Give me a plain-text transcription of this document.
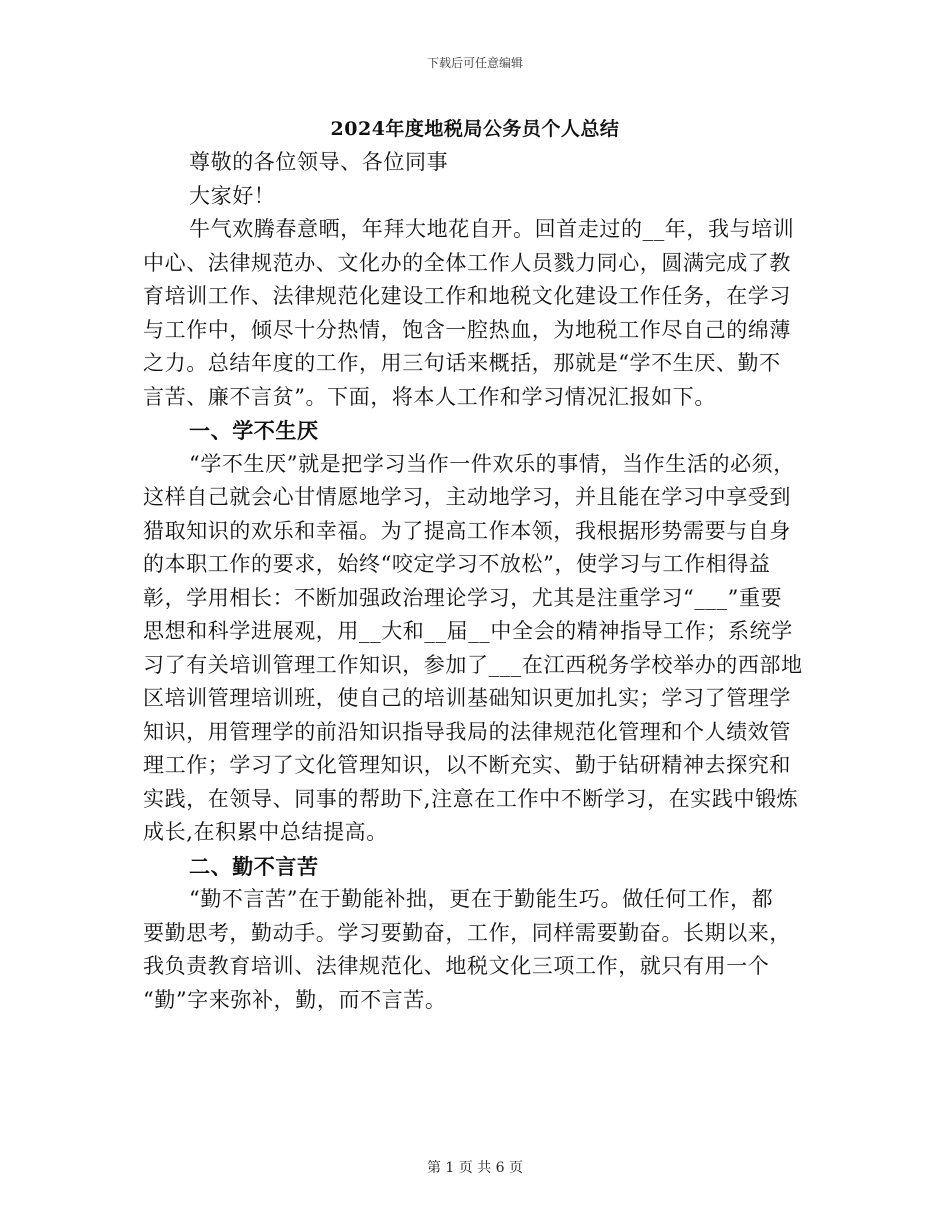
下载后可任意编辑
2024年度地税局公务员个人总结
尊敬的各位领导、各位同事
大家好！
牛气欢腾春意晒，年拜大地花自开。回首走过的__年，我与培训
中心、法律规范办、文化办的全体工作人员戮力同心，圆满完成了教
育培训工作、法律规范化建设工作和地税文化建设工作任务，在学习
与工作中，倾尽十分热情，饱含一腔热血，为地税工作尽自己的绵薄
之力。总结年度的工作，用三句话来概括，那就是“学不生厌、勤不
言苦、廉不言贫”。下面，将本人工作和学习情况汇报如下。
一、学不生厌
“学不生厌”就是把学习当作一件欢乐的事情，当作生活的必须，
这样自己就会心甘情愿地学习，主动地学习，并且能在学习中享受到
猎取知识的欢乐和幸福。为了提高工作本领，我根据形势需要与自身
的本职工作的要求，始终“咬定学习不放松”，使学习与工作相得益
彰，学用相长：不断加强政治理论学习，尤其是注重学习“___”重要
思想和科学进展观，用__大和__届__中全会的精神指导工作；系统学
习了有关培训管理工作知识，参加了___在江西税务学校举办的西部地
区培训管理培训班，使自己的培训基础知识更加扎实；学习了管理学
知识，用管理学的前沿知识指导我局的法律规范化管理和个人绩效管
理工作；学习了文化管理知识，以不断充实、勤于钻研精神去探究和
实践，在领导、同事的帮助下,注意在工作中不断学习，在实践中锻炼
成长,在积累中总结提高。
二、勤不言苦
“勤不言苦”在于勤能补拙，更在于勤能生巧。做任何工作，都
要勤思考，勤动手。学习要勤奋，工作，同样需要勤奋。长期以来，
我负责教育培训、法律规范化、地税文化三项工作，就只有用一个
“勤”字来弥补，勤，而不言苦。
第 1 页 共 6 页
